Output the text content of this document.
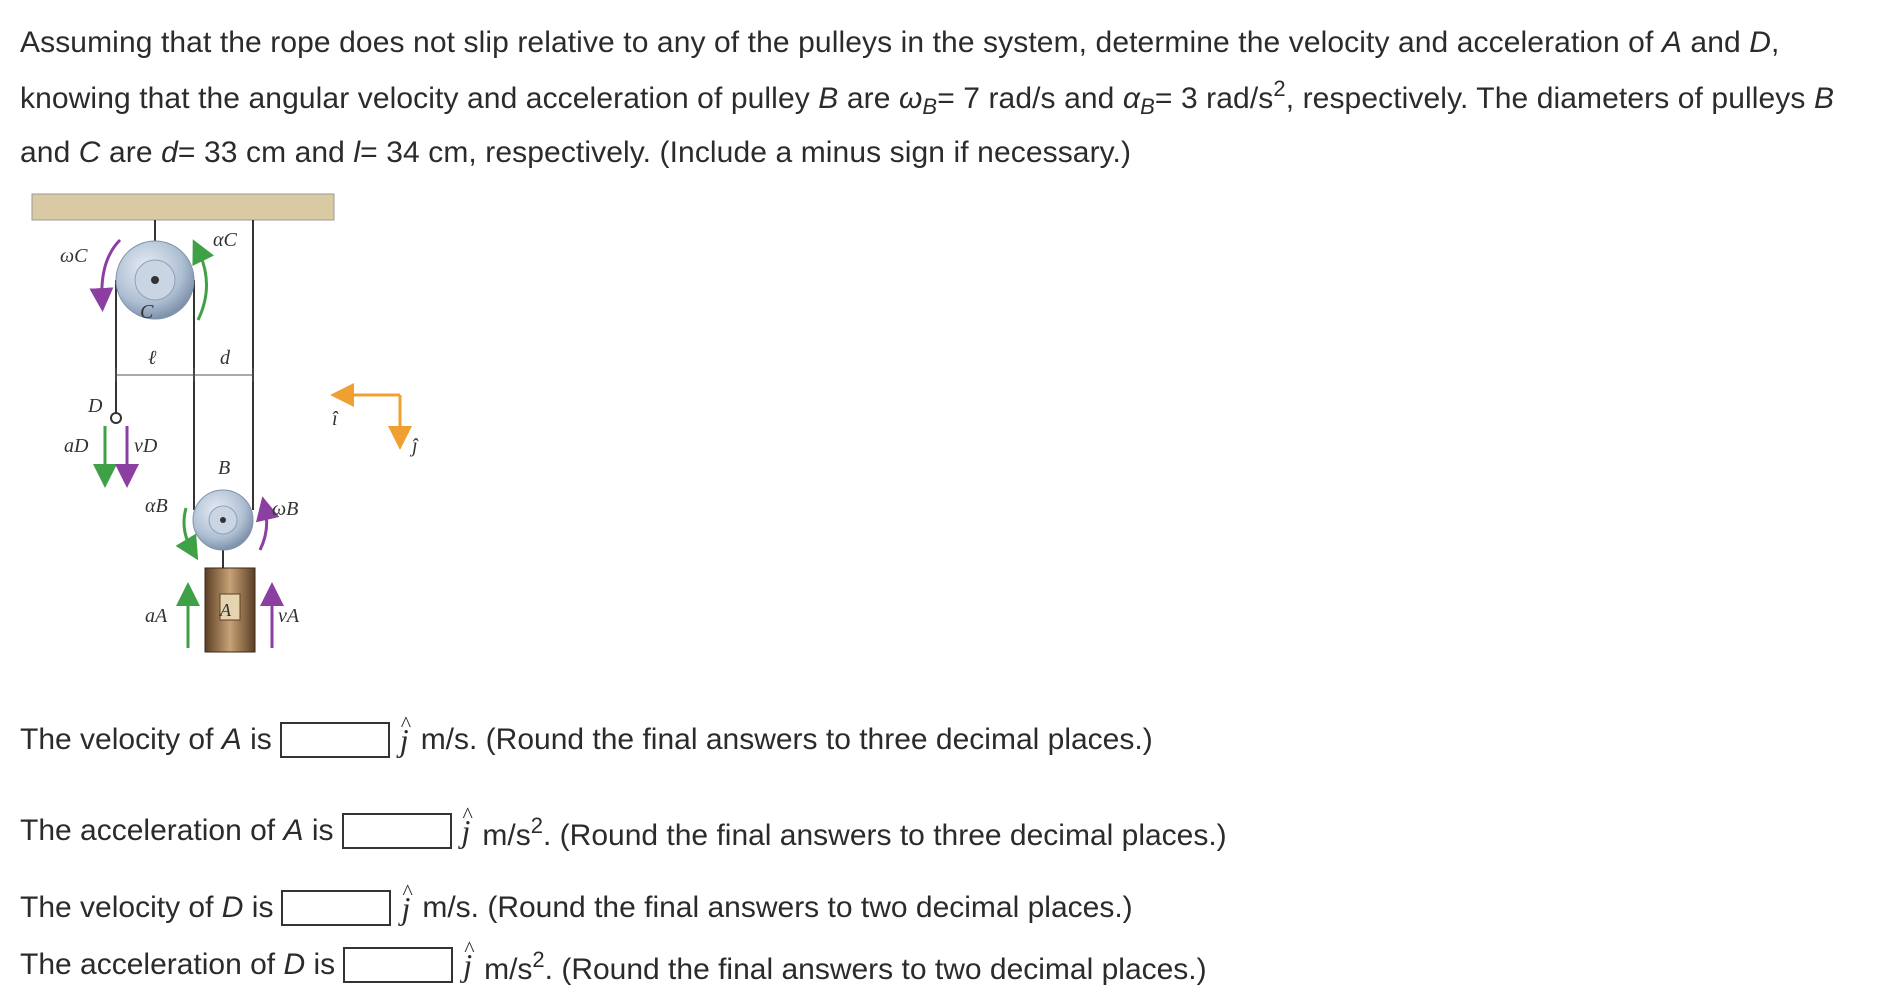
Assuming that the rope does not slip relative to any of the pulleys in the system, determine the velocity and acceleration of A and D, knowing that the angular velocity and acceleration of pulley B are $\omega_B= 7$ rad/s and $\alpha_B= 3$ rad/$s^2$, respectively. The diameters of pulleys B and C are d= 33 cm and l= 34 cm, respectively. (Include a minus sign if necessary.)
ωC
αC
C
ℓ	d
D
aD vD
B
αB	ωB
A
aA	vA
î
ĵ
The velocity of A is	^ j m/s. (Round the final answers to three decimal places.)
The acceleration of A is	^ j $m/s^2$. (Round the final answers to three decimal places.)
The velocity of D is	^ j m/s. (Round the final answers to two decimal places.)
The acceleration of D is	^ j $m/s^2$. (Round the final answers to two decimal places.)
